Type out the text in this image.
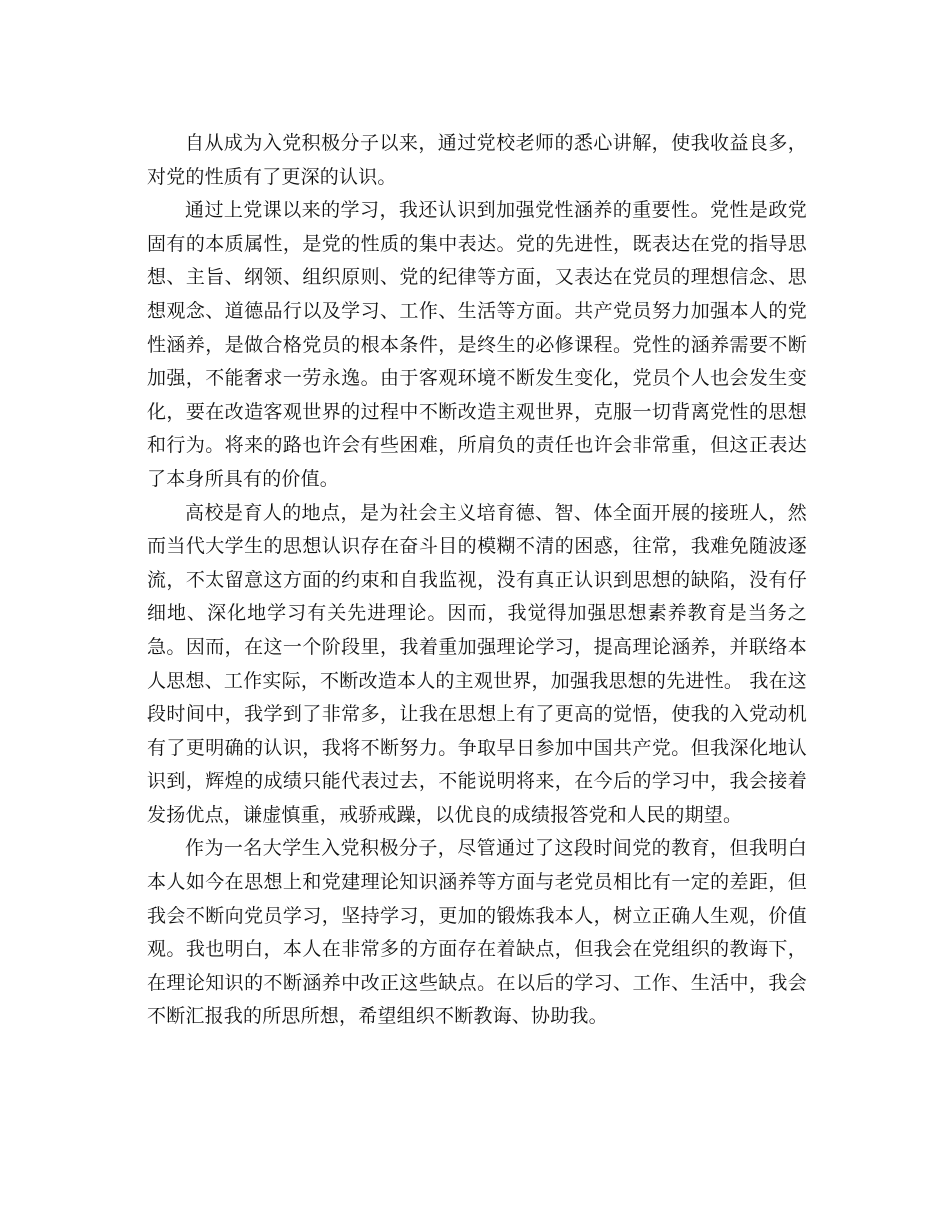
自从成为入党积极分子以来，通过党校老师的悉心讲解，使我收益良多，对党的性质有了更深的认识。

通过上党课以来的学习，我还认识到加强党性涵养的重要性。党性是政党固有的本质属性，是党的性质的集中表达。党的先进性，既表达在党的指导思想、主旨、纲领、组织原则、党的纪律等方面，又表达在党员的理想信念、思想观念、道德品行以及学习、工作、生活等方面。共产党员努力加强本人的党性涵养，是做合格党员的根本条件，是终生的必修课程。党性的涵养需要不断加强，不能奢求一劳永逸。由于客观环境不断发生变化，党员个人也会发生变化，要在改造客观世界的过程中不断改造主观世界，克服一切背离党性的思想和行为。将来的路也许会有些困难，所肩负的责任也许会非常重，但这正表达了本身所具有的价值。

高校是育人的地点，是为社会主义培育德、智、体全面开展的接班人，然而当代大学生的思想认识存在奋斗目的模糊不清的困惑，往常，我难免随波逐流，不太留意这方面的约束和自我监视，没有真正认识到思想的缺陷，没有仔细地、深化地学习有关先进理论。因而，我觉得加强思想素养教育是当务之急。因而，在这一个阶段里，我着重加强理论学习，提高理论涵养，并联络本人思想、工作实际，不断改造本人的主观世界，加强我思想的先进性。 我在这段时间中，我学到了非常多，让我在思想上有了更高的觉悟，使我的入党动机有了更明确的认识，我将不断努力。争取早日参加中国共产党。但我深化地认识到，辉煌的成绩只能代表过去，不能说明将来，在今后的学习中，我会接着发扬优点，谦虚慎重，戒骄戒躁，以优良的成绩报答党和人民的期望。

作为一名大学生入党积极分子，尽管通过了这段时间党的教育，但我明白本人如今在思想上和党建理论知识涵养等方面与老党员相比有一定的差距，但我会不断向党员学习，坚持学习，更加的锻炼我本人，树立正确人生观，价值观。我也明白，本人在非常多的方面存在着缺点，但我会在党组织的教诲下，在理论知识的不断涵养中改正这些缺点。在以后的学习、工作、生活中，我会不断汇报我的所思所想，希望组织不断教诲、协助我。
